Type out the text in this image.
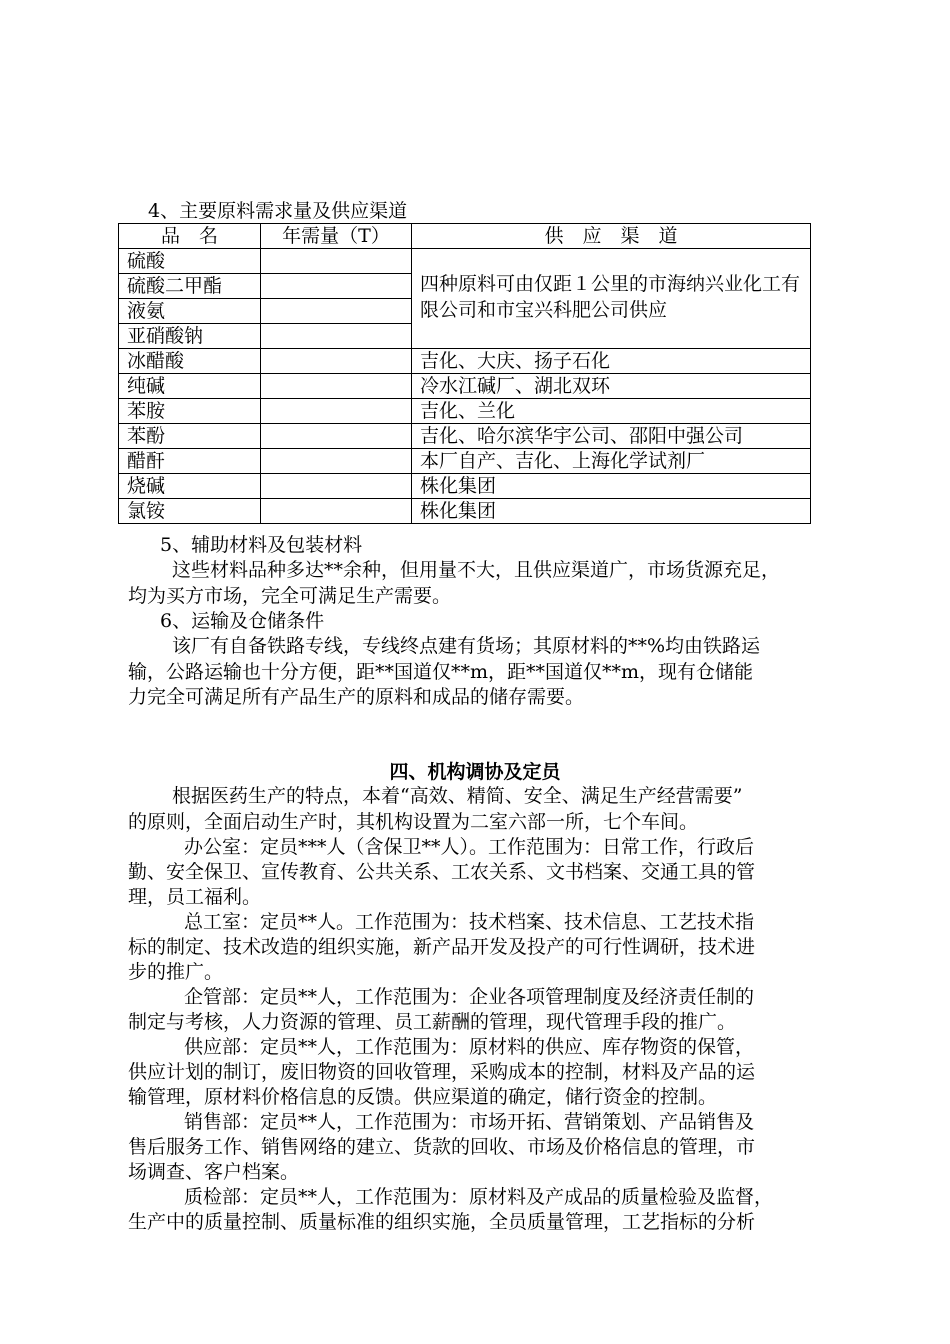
4、主要原料需求量及供应渠道
品　名	年需量（T）	供　应　渠　道
硫酸		四种原料可由仅距１公里的市海纳兴业化工有限公司和市宝兴科肥公司供应
硫酸二甲酯		
液氨		
亚硝酸钠		
冰醋酸		吉化、大庆、扬子石化
纯碱		冷水江碱厂、湖北双环
苯胺		吉化、兰化
苯酚		吉化、哈尔滨华宇公司、邵阳中强公司
醋酐		本厂自产、吉化、上海化学试剂厂
烧碱		株化集团
氯铵		株化集团
5、辅助材料及包装材料
这些材料品种多达**余种，但用量不大，且供应渠道广，市场货源充足，
均为买方市场，完全可满足生产需要。
6、运输及仓储条件
该厂有自备铁路专线，专线终点建有货场；其原材料的**%均由铁路运
输，公路运输也十分方便，距**国道仅**m，距**国道仅**m，现有仓储能
力完全可满足所有产品生产的原料和成品的储存需要。
四、机构调协及定员
根据医药生产的特点，本着“高效、精简、安全、满足生产经营需要”
的原则，全面启动生产时，其机构设置为二室六部一所，七个车间。
办公室：定员***人（含保卫**人）。工作范围为：日常工作，行政后
勤、安全保卫、宣传教育、公共关系、工农关系、文书档案、交通工具的管
理，员工福利。
总工室：定员**人。工作范围为：技术档案、技术信息、工艺技术指
标的制定、技术改造的组织实施，新产品开发及投产的可行性调研，技术进
步的推广。
企管部：定员**人，工作范围为：企业各项管理制度及经济责任制的
制定与考核，人力资源的管理、员工薪酬的管理，现代管理手段的推广。
供应部：定员**人，工作范围为：原材料的供应、库存物资的保管，
供应计划的制订，废旧物资的回收管理，采购成本的控制，材料及产品的运
输管理，原材料价格信息的反馈。供应渠道的确定，储行资金的控制。
销售部：定员**人，工作范围为：市场开拓、营销策划、产品销售及
售后服务工作、销售网络的建立、货款的回收、市场及价格信息的管理，市
场调查、客户档案。
质检部：定员**人，工作范围为：原材料及产成品的质量检验及监督，
生产中的质量控制、质量标准的组织实施，全员质量管理，工艺指标的分析
